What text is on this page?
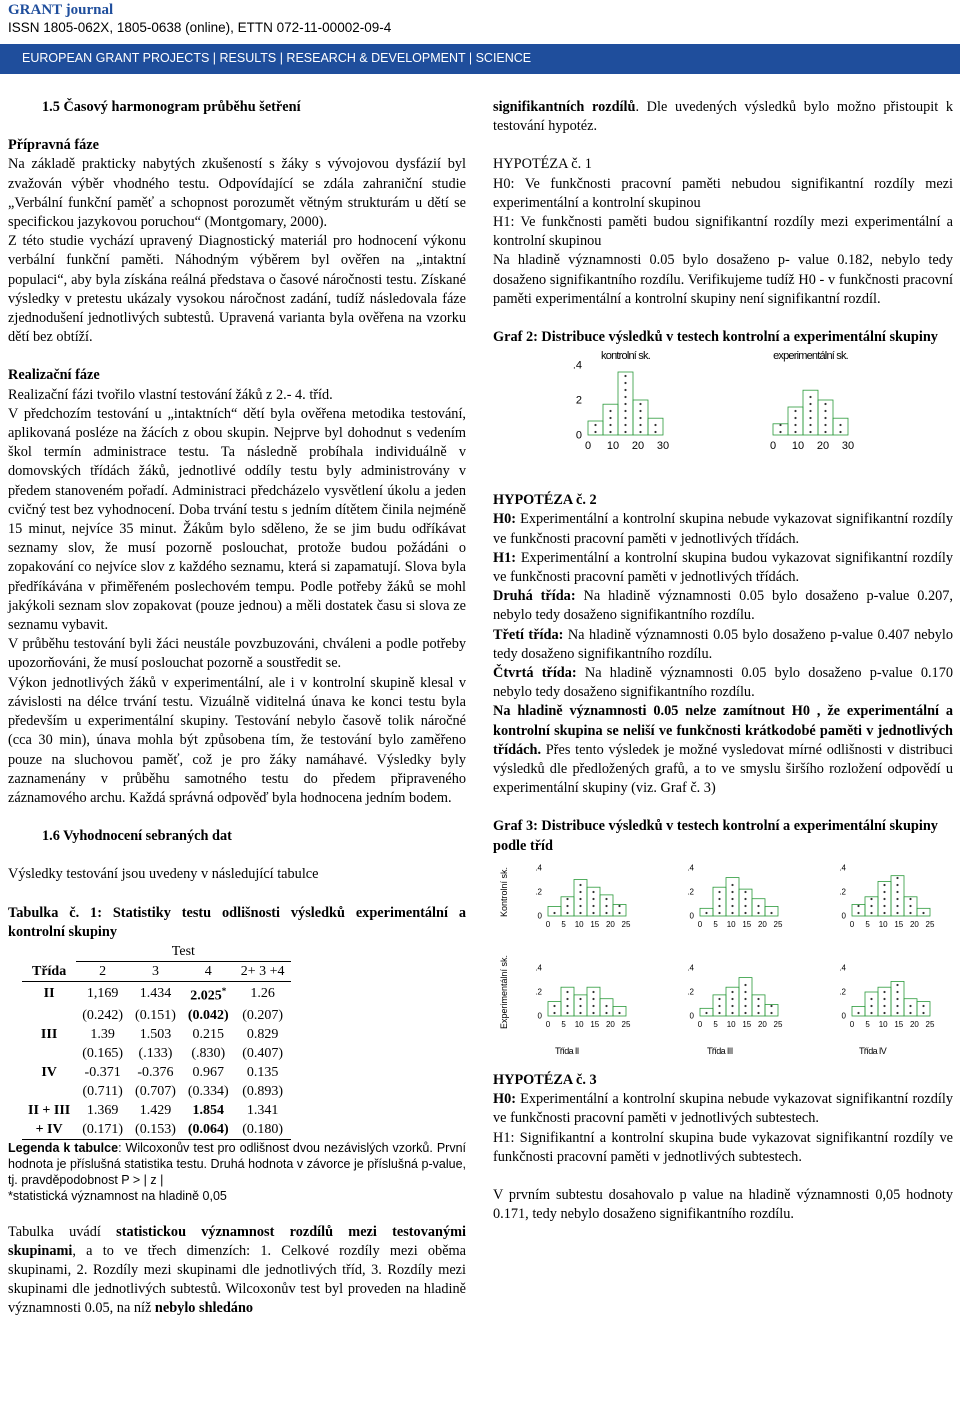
GRANT journal
ISSN 1805-062X, 1805-0638 (online), ETTN 072-11-00002-09-4
EUROPEAN GRANT PROJECTS | RESULTS | RESEARCH & DEVELOPMENT | SCIENCE

1.5 Časový harmonogram průběhu šetření

Přípravná fáze

Na základě prakticky nabytých zkušeností s žáky s vývojovou dysfázií byl zvažován výběr vhodného testu. Odpovídající se zdála zahraniční studie „Verbální funkční paměť a schopnost porozumět větným strukturám u dětí se specifickou jazykovou poruchou“ (Montgomary, 2000).

Z této studie vychází upravený Diagnostický materiál pro hodnocení výkonu verbální funkční paměti. Náhodným výběrem byl ověřen na „intaktní populaci“, aby byla získána reálná představa o časové náročnosti testu. Získané výsledky v pretestu ukázaly vysokou náročnost zadání, tudíž následovala fáze zjednodušení jednotlivých subtestů. Upravená varianta byla ověřena na vzorku dětí bez obtíží.

Realizační fáze

Realizační fázi tvořilo vlastní testování žáků z 2.- 4. tříd.

V předchozím testování u „intaktních“ dětí byla ověřena metodika testování, aplikovaná posléze na žácích z obou skupin. Nejprve byl dohodnut s vedením škol termín administrace testu. Ta následně probíhala individuálně v domovských třídách žáků, jednotlivé oddíly testu byly administrovány v předem stanoveném pořadí. Administraci předcházelo vysvětlení úkolu a jeden cvičný test bez vyhodnocení. Doba trvání testu s jedním dítětem činila nejméně 15 minut, nejvíce 35 minut. Žákům bylo sděleno, že se jim budu odříkávat seznamy slov, že musí pozorně poslouchat, protože budou požádáni o zopakování co nejvíce slov z každého seznamu, která si zapamatují. Slova byla předříkávána v přiměřeném poslechovém tempu. Podle potřeby žáků se mohl jakýkoli seznam slov zopakovat (pouze jednou) a měli dostatek času si slova ze seznamu vybavit.

V průběhu testování byli žáci neustále povzbuzováni, chváleni a podle potřeby upozorňováni, že musí poslouchat pozorně a soustředit se.

Výkon jednotlivých žáků v experimentální, ale i v kontrolní skupině klesal v závislosti na délce trvání testu. Vizuálně viditelná únava ke konci testu byla především u experimentální skupiny. Testování nebylo časově tolik náročné (cca 30 min), únava mohla být způsobena tím, že testování bylo zaměřeno pouze na sluchovou paměť, což je pro žáky namáhavé. Výsledky byly zaznamenány v průběhu samotného testu do předem připraveného záznamového archu. Každá správná odpověď byla hodnocena jedním bodem.

1.6 Vyhodnocení sebraných dat

Výsledky testování jsou uvedeny v následující tabulce

Tabulka č. 1: Statistiky testu odlišnosti výsledků experimentální a kontrolní skupiny

	Test			
Třída	2	3	4	2+ 3 +4
II	1,169	1.434	2.025*	1.26
	(0.242)	(0.151)	(0.042)	(0.207)
III	1.39	1.503	0.215	0.829
	(0.165)	(.133)	(.830)	(0.407)
IV	-0.371	-0.376	0.967	0.135
	(0.711)	(0.707)	(0.334)	(0.893)
II + III	1.369	1.429	1.854	1.341
+ IV	(0.171)	(0.153)	(0.064)	(0.180)

Legenda k tabulce: Wilcoxonův test pro odlišnost dvou nezávislých vzorků. První hodnota je příslušná statistika testu. Druhá hodnota v závorce je příslušná p-value, tj. pravděpodobnost P > | z |

*statistická významnost na hladině 0,05

Tabulka uvádí statistickou významnost rozdílů mezi testovanými skupinami, a to ve třech dimenzích: 1. Celkové rozdíly mezi oběma skupinami, 2. Rozdíly mezi skupinami dle jednotlivých tříd, 3. Rozdíly mezi skupinami dle jednotlivých subtestů. Wilcoxonův test byl proveden na hladině významnosti 0.05, na níž nebylo shledáno

signifikantních rozdílů. Dle uvedených výsledků bylo možno přistoupit k testování hypotéz.

HYPOTÉZA č. 1

H0: Ve funkčnosti pracovní paměti nebudou signifikantní rozdíly mezi experimentální a kontrolní skupinou

H1: Ve funkčnosti paměti budou signifikantní rozdíly mezi experimentální a kontrolní skupinou

Na hladině významnosti 0.05 bylo dosaženo p- value 0.182, nebylo tedy dosaženo signifikantního rozdílu. Verifikujeme tudíž H0 - v funkčnosti pracovní paměti experimentální a kontrolní skupiny není signifikantní rozdíl.

Graf 2: Distribuce výsledků v testech kontrolní a experimentální skupiny

0 10 20 30
.4
2
0
kontrolní sk.
0 10 20 30
experimentální sk.

HYPOTÉZA č. 2

H0: Experimentální a kontrolní skupina nebude vykazovat signifikantní rozdíly ve funkčnosti pracovní paměti v jednotlivých třídách.

H1: Experimentální a kontrolní skupina budou vykazovat signifikantní rozdíly ve funkčnosti pracovní paměti v jednotlivých třídách.

Druhá třída: Na hladině významnosti 0.05 bylo dosaženo p-value 0.207, nebylo tedy dosaženo signifikantního rozdílu.

Třetí třída: Na hladině významnosti 0.05 bylo dosaženo p-value 0.407 nebylo tedy dosaženo signifikantního rozdílu.

Čtvrtá třída: Na hladině významnosti 0.05 bylo dosaženo p-value 0.170 nebylo tedy dosaženo signifikantního rozdílu.

Na hladině významnosti 0.05 nelze zamítnout H0 , že experimentální a kontrolní skupina se neliší ve funkčnosti krátkodobé paměti v jednotlivých třídách. Přes tento výsledek je možné vysledovat mírné odlišnosti v distribuci výsledků dle předložených grafů, a to ve smyslu širšího rozložení odpovědí u experimentální skupiny (viz. Graf č. 3)

Graf 3: Distribuce výsledků v testech kontrolní a experimentální skupiny podle tříd

0 5 10 15 20 25
.4
.2
0
0 5 10 15 20 25
.4
.2
0
0 5 10 15 20 25
.4
.2
0
0 5 10 15 20 25
.4
.2
0
0 5 10 15 20 25
.4
.2
0
0 5 10 15 20 25
.4
.2
0
Kontrolní sk.
Experimentální sk.
Třída II	Třída III	Třída IV

HYPOTÉZA č. 3

H0: Experimentální a kontrolní skupina nebude vykazovat signifikantní rozdíly ve funkčnosti pracovní paměti v jednotlivých subtestech.

H1: Signifikantní a kontrolní skupina bude vykazovat signifikantní rozdíly ve funkčnosti pracovní paměti v jednotlivých subtestech.

V prvním subtestu dosahovalo p value na hladině významnosti 0,05 hodnoty 0.171, tedy nebylo dosaženo signifikantního rozdílu.
